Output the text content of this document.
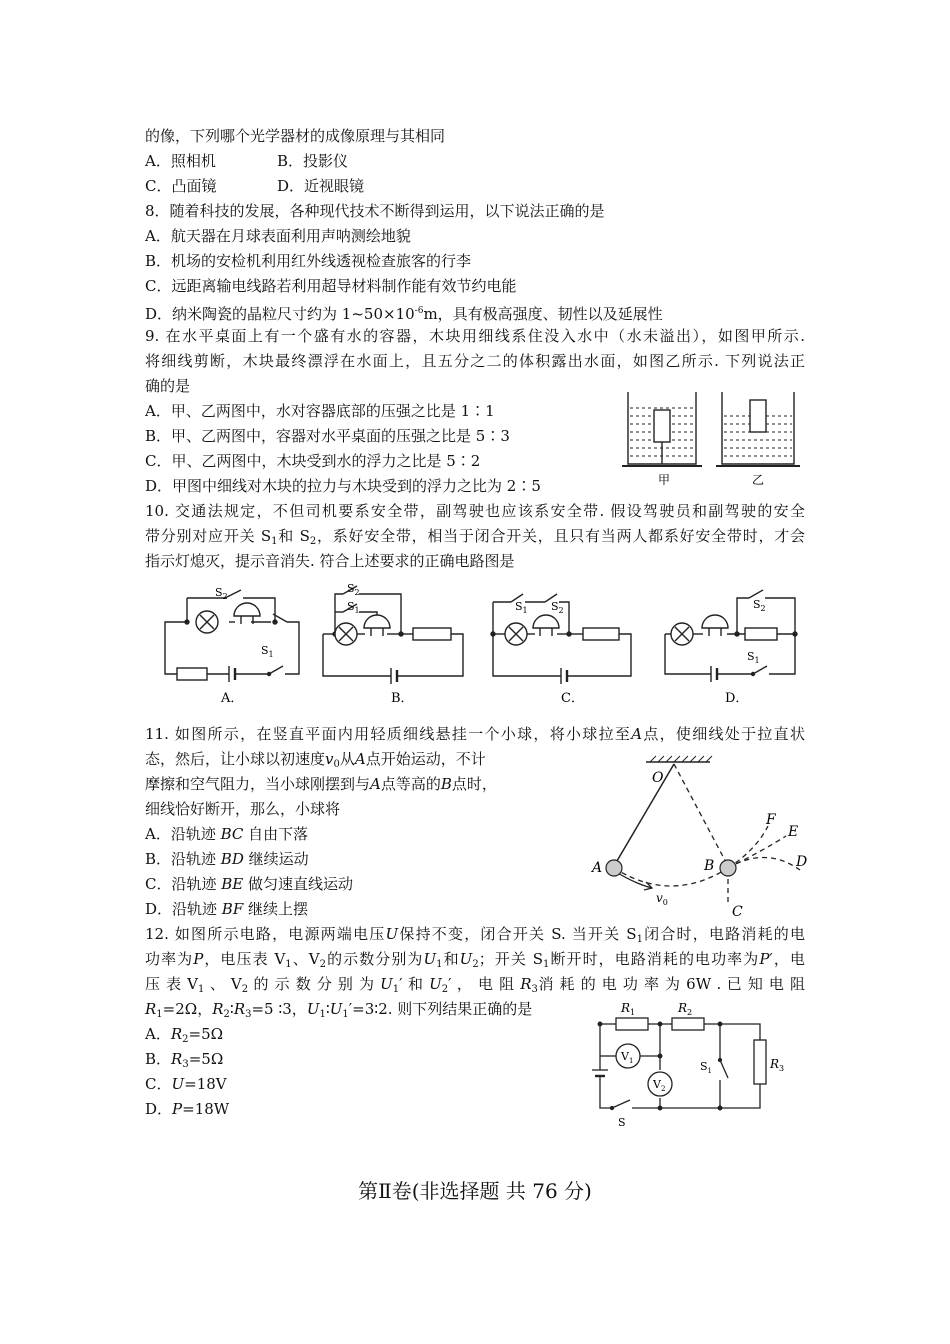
的像，下列哪个光学器材的成像原理与其相同
A．照相机	B．投影仪
C．凸面镜	D．近视眼镜
8．随着科技的发展，各种现代技术不断得到运用，以下说法正确的是
A．航天器在月球表面利用声呐测绘地貌
B．机场的安检机利用红外线透视检查旅客的行李
C．远距离输电线路若利用超导材料制作能有效节约电能
D．纳米陶瓷的晶粒尺寸约为 $1\sim 50\times 10^{-6}m$，具有极高强度、韧性以及延展性
9. 在水平桌面上有一个盛有水的容器，木块用细线系住没入水中（水未溢出），如图甲所示.
将细线剪断，木块最终漂浮在水面上，且五分之二的体积露出水面，如图乙所示. 下列说法正
确的是
A．甲、乙两图中，水对容器底部的压强之比是 1∶1
B．甲、乙两图中，容器对水平桌面的压强之比是 5∶3
C．甲、乙两图中，木块受到水的浮力之比是 5∶2
D．甲图中细线对木块的拉力与木块受到的浮力之比为 2∶5	甲	乙
10. 交通法规定，不但司机要系安全带，副驾驶也应该系安全带. 假设驾驶员和副驾驶的安全
带分别对应开关 $S_1$和 $S_2$，系好安全带，相当于闭合开关，且只有当两人都系好安全带时，才会
指示灯熄灭，提示音消失. 符合上述要求的正确电路图是
$S_2$
$S_1$
A．
$S_2$
$S_1$
B．
$S_1$ $S_2$
C．
$S_2$
$S_1$
D．
11. 如图所示，在竖直平面内用轻质细线悬挂一个小球，将小球拉至A点，使细线处于拉直状
态，然后，让小球以初速度$v_0$从A点开始运动，不计
摩擦和空气阻力，当小球刚摆到与A点等高的B点时，
细线恰好断开，那么，小球将
A．沿轨迹 BC 自由下落
B．沿轨迹 BD 继续运动
C．沿轨迹 BE 做匀速直线运动
D．沿轨迹 BF 继续上摆
O
A	B
C
D
E
F
$v_0$
12. 如图所示电路，电源两端电压U保持不变，闭合开关 S. 当开关 $S_1$闭合时，电路消耗的电
功率为P，电压表 $V_1$、$V_2$的示数分别为$U_1$和$U_2$；开关 $S_1$断开时，电路消耗的电功率为P′，电
压 表 $V_1$ 、 $V_2$ 的 示 数 分 别 为 $U_1'$ 和 $U_2'$ ， 电 阻 $R_3$消 耗 的 电 功 率 为 6W . 已 知 电 阻
$R_1=2\Omega$，$R_2∶R_3=5$ ∶3，$U_1∶U_1'=3∶2$. 则下列结果正确的是
A．$R_2=5\Omega$
B．$R_3=5\Omega$
C．U=18V
D．P=18W
$R_1$	$R_2$
$R_3$
$V_1$
$V_2$
$S_1$
S
第Ⅱ卷(非选择题 共 76 分)
